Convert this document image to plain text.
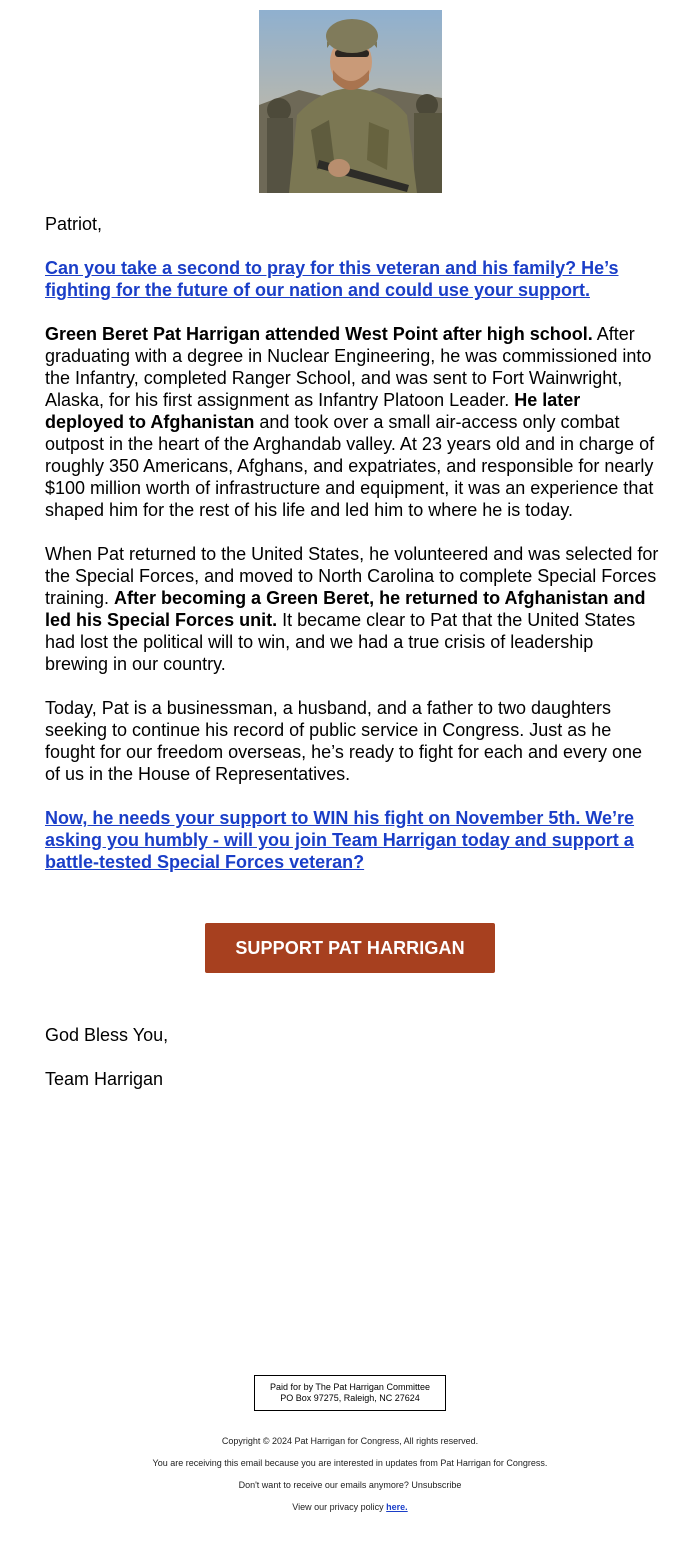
Patriot,

Can you take a second to pray for this veteran and his family? He’s fighting for the future of our nation and could use your support.

Green Beret Pat Harrigan attended West Point after high school. After graduating with a degree in Nuclear Engineering, he was commissioned into the Infantry, completed Ranger School, and was sent to Fort Wainwright, Alaska, for his first assignment as Infantry Platoon Leader. He later deployed to Afghanistan and took over a small air-access only combat outpost in the heart of the Arghandab valley. At 23 years old and in charge of roughly 350 Americans, Afghans, and expatriates, and responsible for nearly $100 million worth of infrastructure and equipment, it was an experience that shaped him for the rest of his life and led him to where he is today.

When Pat returned to the United States, he volunteered and was selected for the Special Forces, and moved to North Carolina to complete Special Forces training. After becoming a Green Beret, he returned to Afghanistan and led his Special Forces unit. It became clear to Pat that the United States had lost the political will to win, and we had a true crisis of leadership brewing in our country.

Today, Pat is a businessman, a husband, and a father to two daughters seeking to continue his record of public service in Congress. Just as he fought for our freedom overseas, he’s ready to fight for each and every one of us in the House of Representatives.

Now, he needs your support to WIN his fight on November 5th. We’re asking you humbly - will you join Team Harrigan today and support a battle-tested Special Forces veteran?

SUPPORT PAT HARRIGAN

God Bless You,

Team Harrigan

Paid for by The Pat Harrigan Committee
PO Box 97275, Raleigh, NC 27624
Copyright © 2024 Pat Harrigan for Congress, All rights reserved.
You are receiving this email because you are interested in updates from Pat Harrigan for Congress.
Don't want to receive our emails anymore? Unsubscribe
View our privacy policy here.
